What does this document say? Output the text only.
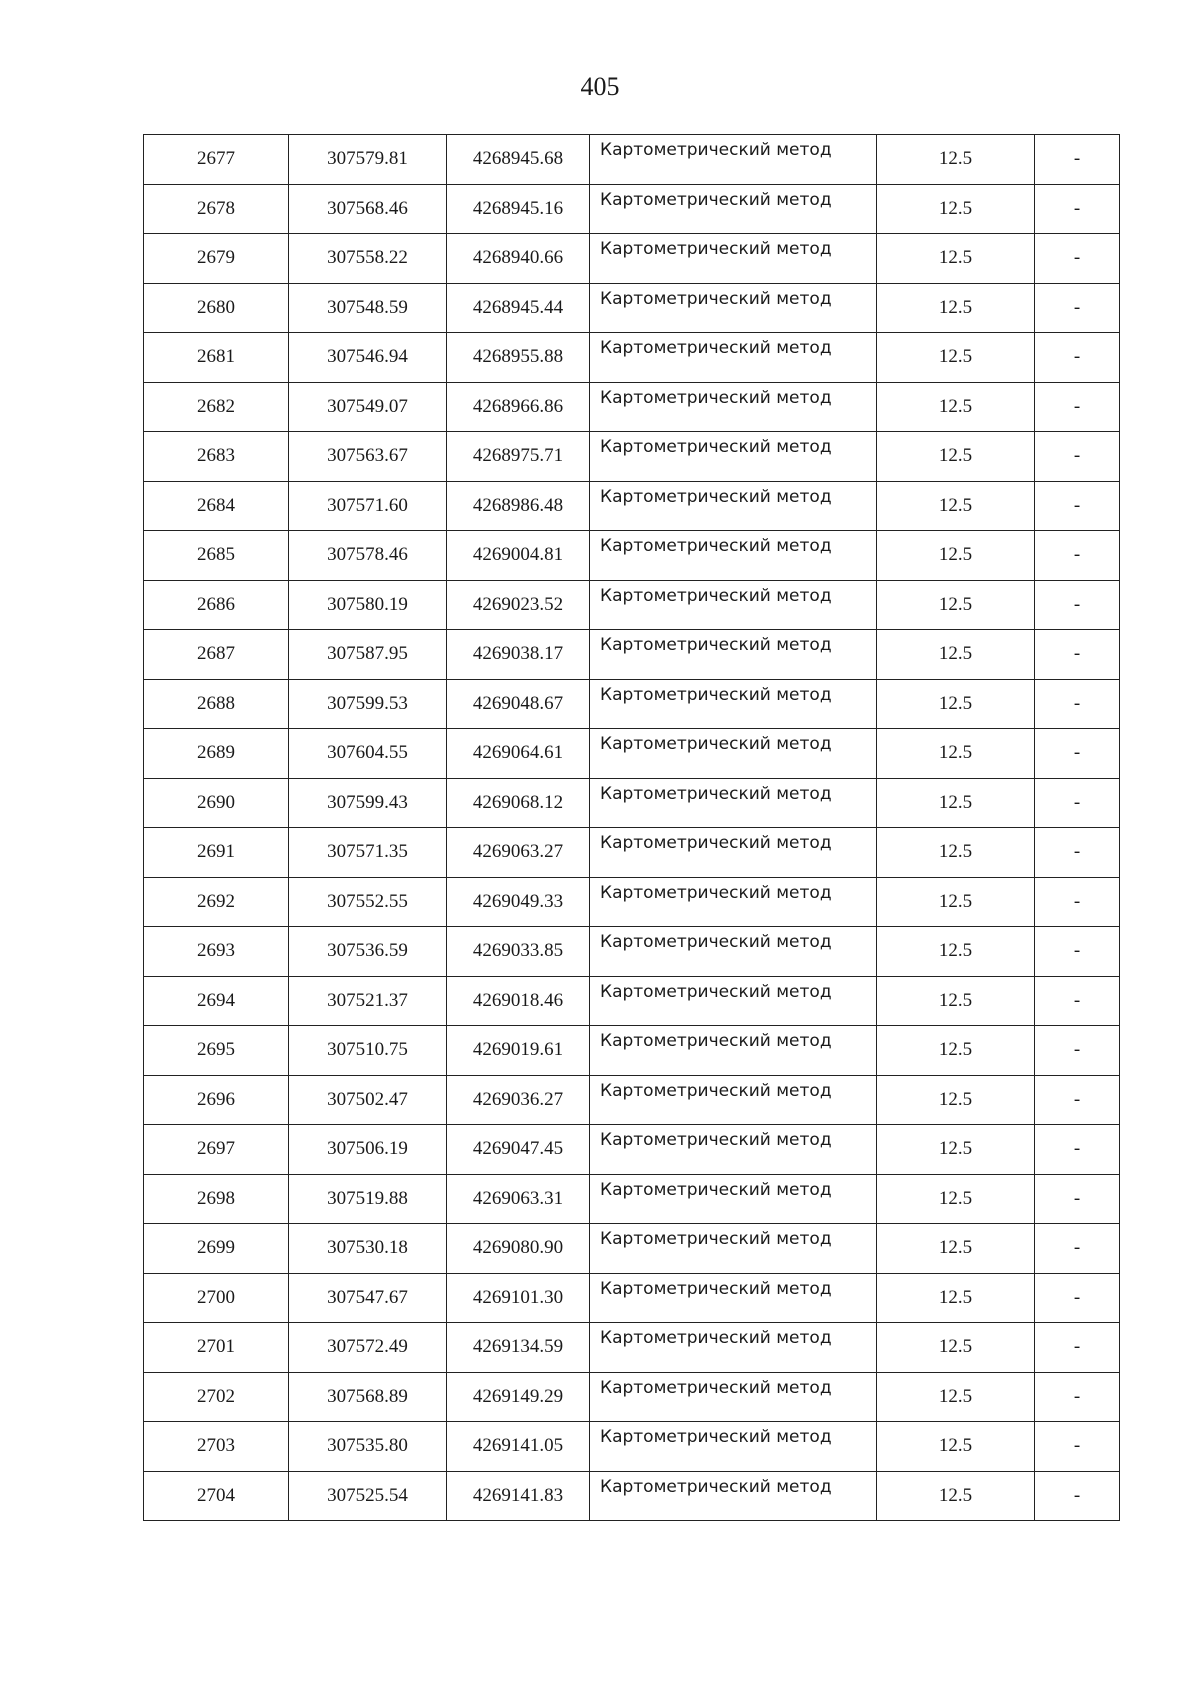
405
2677	307579.81	4268945.68	Картометрический метод	12.5	-
2678	307568.46	4268945.16	Картометрический метод	12.5	-
2679	307558.22	4268940.66	Картометрический метод	12.5	-
2680	307548.59	4268945.44	Картометрический метод	12.5	-
2681	307546.94	4268955.88	Картометрический метод	12.5	-
2682	307549.07	4268966.86	Картометрический метод	12.5	-
2683	307563.67	4268975.71	Картометрический метод	12.5	-
2684	307571.60	4268986.48	Картометрический метод	12.5	-
2685	307578.46	4269004.81	Картометрический метод	12.5	-
2686	307580.19	4269023.52	Картометрический метод	12.5	-
2687	307587.95	4269038.17	Картометрический метод	12.5	-
2688	307599.53	4269048.67	Картометрический метод	12.5	-
2689	307604.55	4269064.61	Картометрический метод	12.5	-
2690	307599.43	4269068.12	Картометрический метод	12.5	-
2691	307571.35	4269063.27	Картометрический метод	12.5	-
2692	307552.55	4269049.33	Картометрический метод	12.5	-
2693	307536.59	4269033.85	Картометрический метод	12.5	-
2694	307521.37	4269018.46	Картометрический метод	12.5	-
2695	307510.75	4269019.61	Картометрический метод	12.5	-
2696	307502.47	4269036.27	Картометрический метод	12.5	-
2697	307506.19	4269047.45	Картометрический метод	12.5	-
2698	307519.88	4269063.31	Картометрический метод	12.5	-
2699	307530.18	4269080.90	Картометрический метод	12.5	-
2700	307547.67	4269101.30	Картометрический метод	12.5	-
2701	307572.49	4269134.59	Картометрический метод	12.5	-
2702	307568.89	4269149.29	Картометрический метод	12.5	-
2703	307535.80	4269141.05	Картометрический метод	12.5	-
2704	307525.54	4269141.83	Картометрический метод	12.5	-
